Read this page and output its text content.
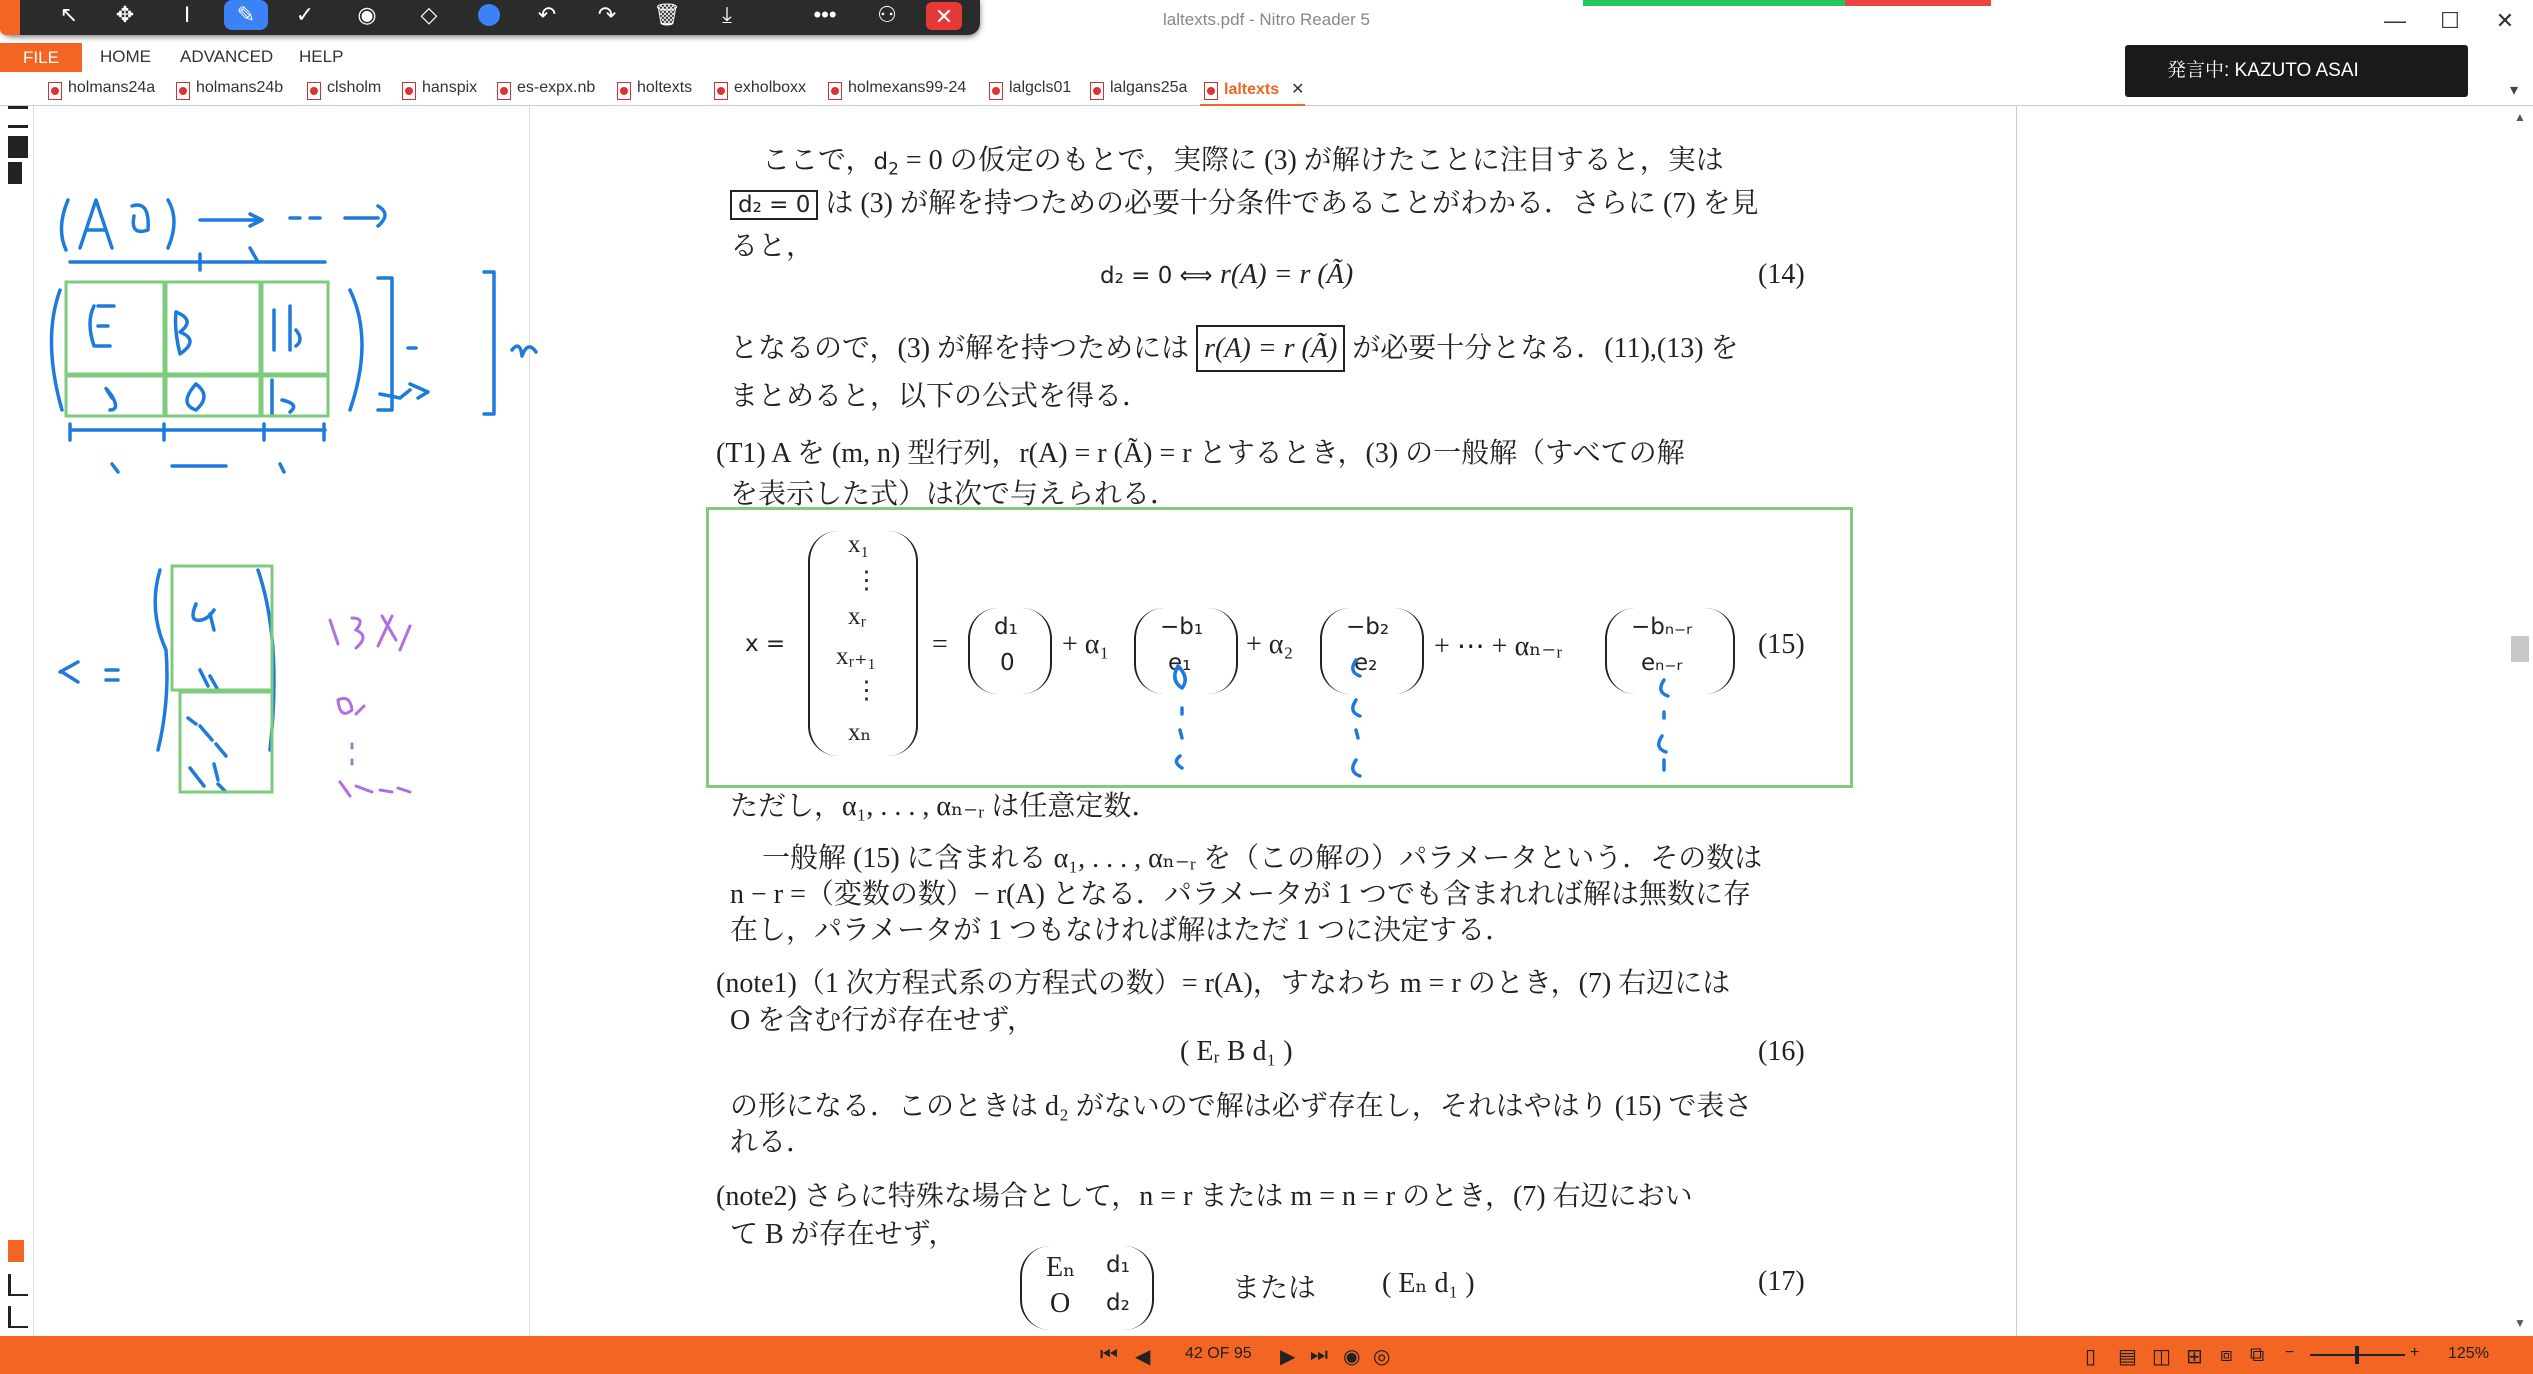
laltexts.pdf - Nitro Reader 5	—	☐	✕
↖	✥	I	✎	✓	◉	◇	↶	↷	🗑	⤓	•••	⚇	✕
HOME ADVANCED HELP
FILE
holmans24a	holmans24b	clsholm	hanspix	es-expx.nb	holtexts	exholboxx	holmexans99-24	lalgcls01	lalgans25a	laltexts ✕
発言中: KAZUTO ASAI
▾
▲
▼
ここで，$d_2 = 0$ の仮定のもとで，実際に (3) が解けたことに注目すると，実は
d₂ = 0 は (3) が解を持つための必要十分条件であることがわかる．さらに (7) を見
ると，
d₂ = 0 ⟺ r(A) = r (Ã)	(14)
となるので，(3) が解を持つためには r(A) = r (Ã) が必要十分となる．(11),(13) を
まとめると，以下の公式を得る．
(T1) A を (m, n) 型行列，r(A) = r (Ã) = r とするとき，(3) の一般解（すべての解
を表示した式）は次で与えられる．
x =
x₁
⋮
xᵣ
xᵣ₊₁
⋮
xₙ
=
d₁
0
+ α₁
−b₁
e₁
+ α₂
−b₂
e₂
+ ⋯ + αₙ₋ᵣ
−bₙ₋ᵣ
eₙ₋ᵣ
(15)
ただし，α₁, . . . , αₙ₋ᵣ は任意定数．
一般解 (15) に含まれる α₁, . . . , αₙ₋ᵣ を（この解の）パラメータという．その数は
n − r =（変数の数）− r(A) となる．パラメータが 1 つでも含まれれば解は無数に存
在し，パラメータが 1 つもなければ解はただ 1 つに決定する．
(note1)（1 次方程式系の方程式の数）= r(A)，すなわち m = r のとき，(7) 右辺には
O を含む行が存在せず，
( Eᵣ B d₁ )	(16)
の形になる．このときは d₂ がないので解は必ず存在し，それはやはり (15) で表さ
れる．
(note2) さらに特殊な場合として，n = r または m = n = r のとき，(7) 右辺におい
て B が存在せず，
Eₙ d₁
O d₂	または ( Eₙ d₁ )	(17)
⏮ ◀ 42 OF 95 ▶ ⏭ ◉ ◎	▯ ▤ ◫ ⊞ ⧈ ⧉ −	+ 125%
